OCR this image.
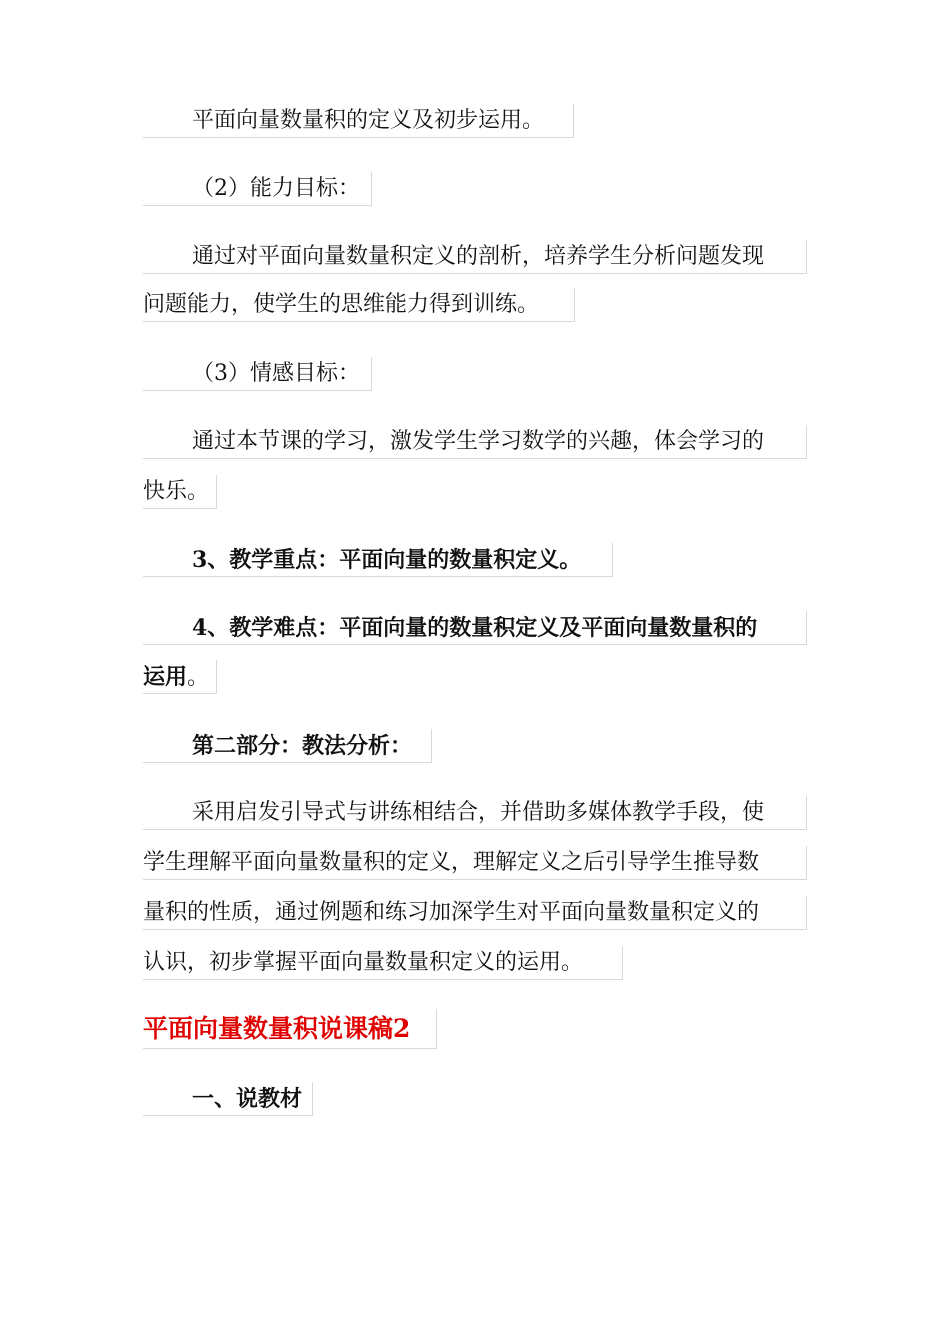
平面向量数量积的定义及初步运用。
（2）能力目标：
通过对平面向量数量积定义的剖析，培养学生分析问题发现
问题能力，使学生的思维能力得到训练。
（3）情感目标：
通过本节课的学习，激发学生学习数学的兴趣，体会学习的
快乐。
3、教学重点：平面向量的数量积定义。
4、教学难点：平面向量的数量积定义及平面向量数量积的
运用。
第二部分：教法分析：
采用启发引导式与讲练相结合，并借助多媒体教学手段，使
学生理解平面向量数量积的定义，理解定义之后引导学生推导数
量积的性质，通过例题和练习加深学生对平面向量数量积定义的
认识，初步掌握平面向量数量积定义的运用。
平面向量数量积说课稿2
一、说教材
